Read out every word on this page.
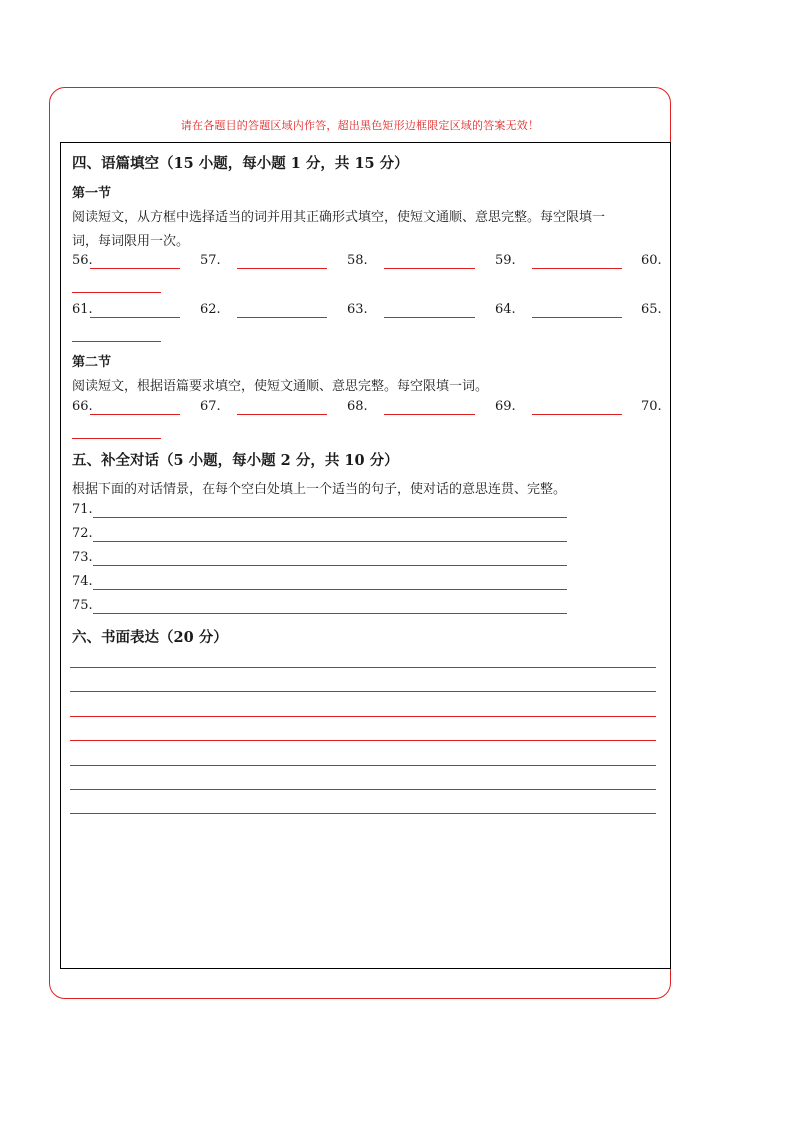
请在各题目的答题区域内作答，超出黑色矩形边框限定区域的答案无效！
四、语篇填空（15 小题，每小题 1 分，共 15 分）
第一节
阅读短文，从方框中选择适当的词并用其正确形式填空，使短文通顺、意思完整。每空限填一
词，每词限用一次。
56.	57.	58.	59.	60.
61.	62.	63.	64.	65.
第二节
阅读短文，根据语篇要求填空，使短文通顺、意思完整。每空限填一词。
66.	67.	68.	69.	70.
五、补全对话（5 小题，每小题 2 分，共 10 分）
根据下面的对话情景，在每个空白处填上一个适当的句子，使对话的意思连贯、完整。
71.
72.
73.
74.
75.
六、书面表达（20 分）
